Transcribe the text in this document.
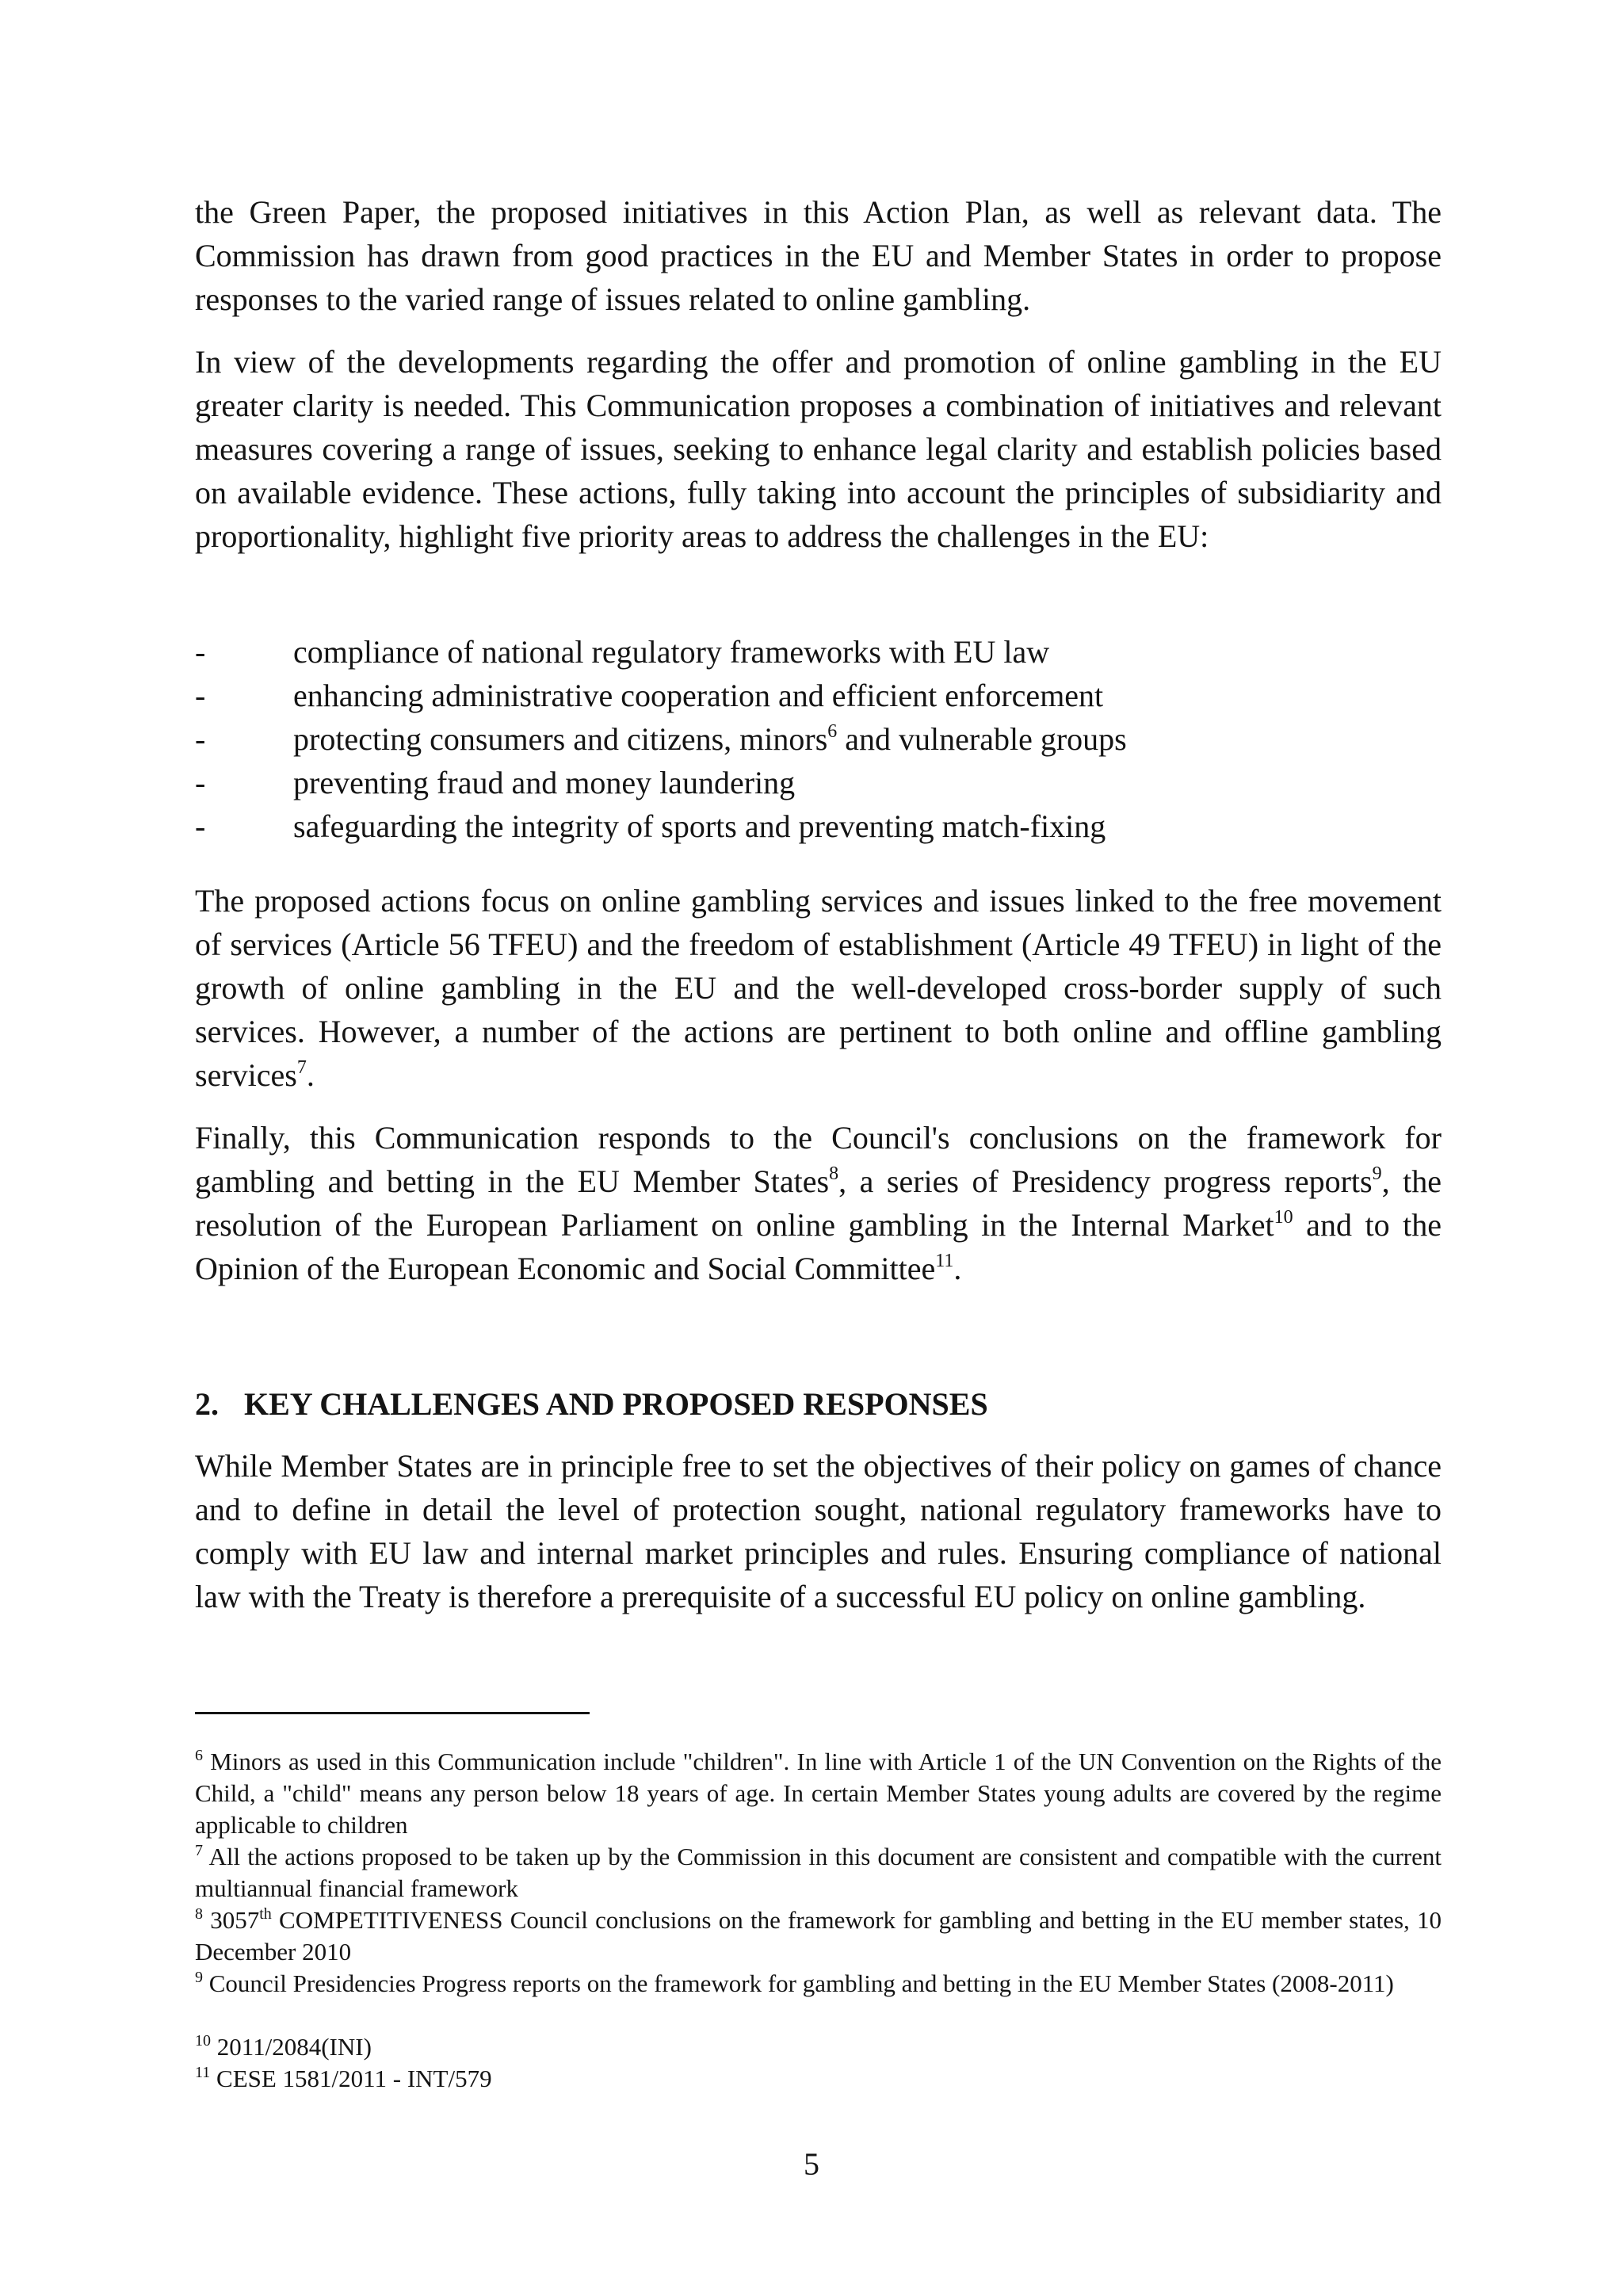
the Green Paper, the proposed initiatives in this Action Plan, as well as relevant data. The Commission has drawn from good practices in the EU and Member States in order to propose responses to the varied range of issues related to online gambling.

In view of the developments regarding the offer and promotion of online gambling in the EU greater clarity is needed. This Communication proposes a combination of initiatives and relevant measures covering a range of issues, seeking to enhance legal clarity and establish policies based on available evidence. These actions, fully taking into account the principles of subsidiarity and proportionality, highlight five priority areas to address the challenges in the EU:

-	compliance of national regulatory frameworks with EU law
-	enhancing administrative cooperation and efficient enforcement
-	protecting consumers and citizens, minors$^6$ and vulnerable groups
-	preventing fraud and money laundering
-	safeguarding the integrity of sports and preventing match-fixing

The proposed actions focus on online gambling services and issues linked to the free movement of services (Article 56 TFEU) and the freedom of establishment (Article 49 TFEU) in light of the growth of online gambling in the EU and the well-developed cross-border supply of such services. However, a number of the actions are pertinent to both online and offline gambling services$^7$.

Finally, this Communication responds to the Council's conclusions on the framework for gambling and betting in the EU Member States$^8$, a series of Presidency progress reports$^9$, the resolution of the European Parliament on online gambling in the Internal Market$^{10}$ and to the Opinion of the European Economic and Social Committee$^{11}$.

2. KEY CHALLENGES AND PROPOSED RESPONSES

While Member States are in principle free to set the objectives of their policy on games of chance and to define in detail the level of protection sought, national regulatory frameworks have to comply with EU law and internal market principles and rules. Ensuring compliance of national law with the Treaty is therefore a prerequisite of a successful EU policy on online gambling.

$^6$ Minors as used in this Communication include "children". In line with Article 1 of the UN Convention on the Rights of the Child, a "child" means any person below 18 years of age. In certain Member States young adults are covered by the regime applicable to children
$^7$ All the actions proposed to be taken up by the Commission in this document are consistent and compatible with the current multiannual financial framework
$^8$ 3057th COMPETITIVENESS Council conclusions on the framework for gambling and betting in the EU member states, 10 December 2010
$^9$ Council Presidencies Progress reports on the framework for gambling and betting in the EU Member States (2008-2011)
$^{10}$ 2011/2084(INI)
$^{11}$ CESE 1581/2011 - INT/579
5
